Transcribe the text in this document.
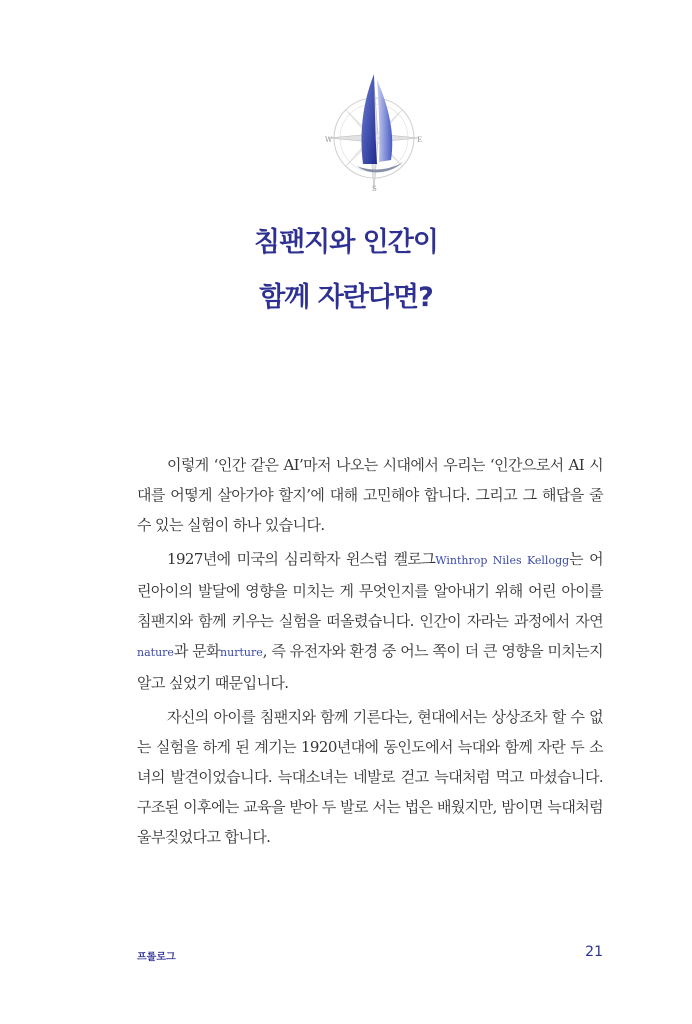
W	E
S
침팬지와 인간이
함께 자란다면?

이렇게 ‘인간 같은 AI’마저 나오는 시대에서 우리는 ‘인간으로서 AI 시대를 어떻게 살아가야 할지’에 대해 고민해야 합니다. 그리고 그 해답을 줄 수 있는 실험이 하나 있습니다.

1927년에 미국의 심리학자 윈스럽 켈로그Winthrop Niles Kellogg는 어린아이의 발달에 영향을 미치는 게 무엇인지를 알아내기 위해 어린 아이를 침팬지와 함께 키우는 실험을 떠올렸습니다. 인간이 자라는 과정에서 자연nature과 문화nurture, 즉 유전자와 환경 중 어느 쪽이 더 큰 영향을 미치는지 알고 싶었기 때문입니다.

자신의 아이를 침팬지와 함께 기른다는, 현대에서는 상상조차 할 수 없는 실험을 하게 된 계기는 1920년대에 동인도에서 늑대와 함께 자란 두 소녀의 발견이었습니다. 늑대소녀는 네발로 걷고 늑대처럼 먹고 마셨습니다. 구조된 이후에는 교육을 받아 두 발로 서는 법은 배웠지만, 밤이면 늑대처럼 울부짖었다고 합니다.

프롤로그	21
